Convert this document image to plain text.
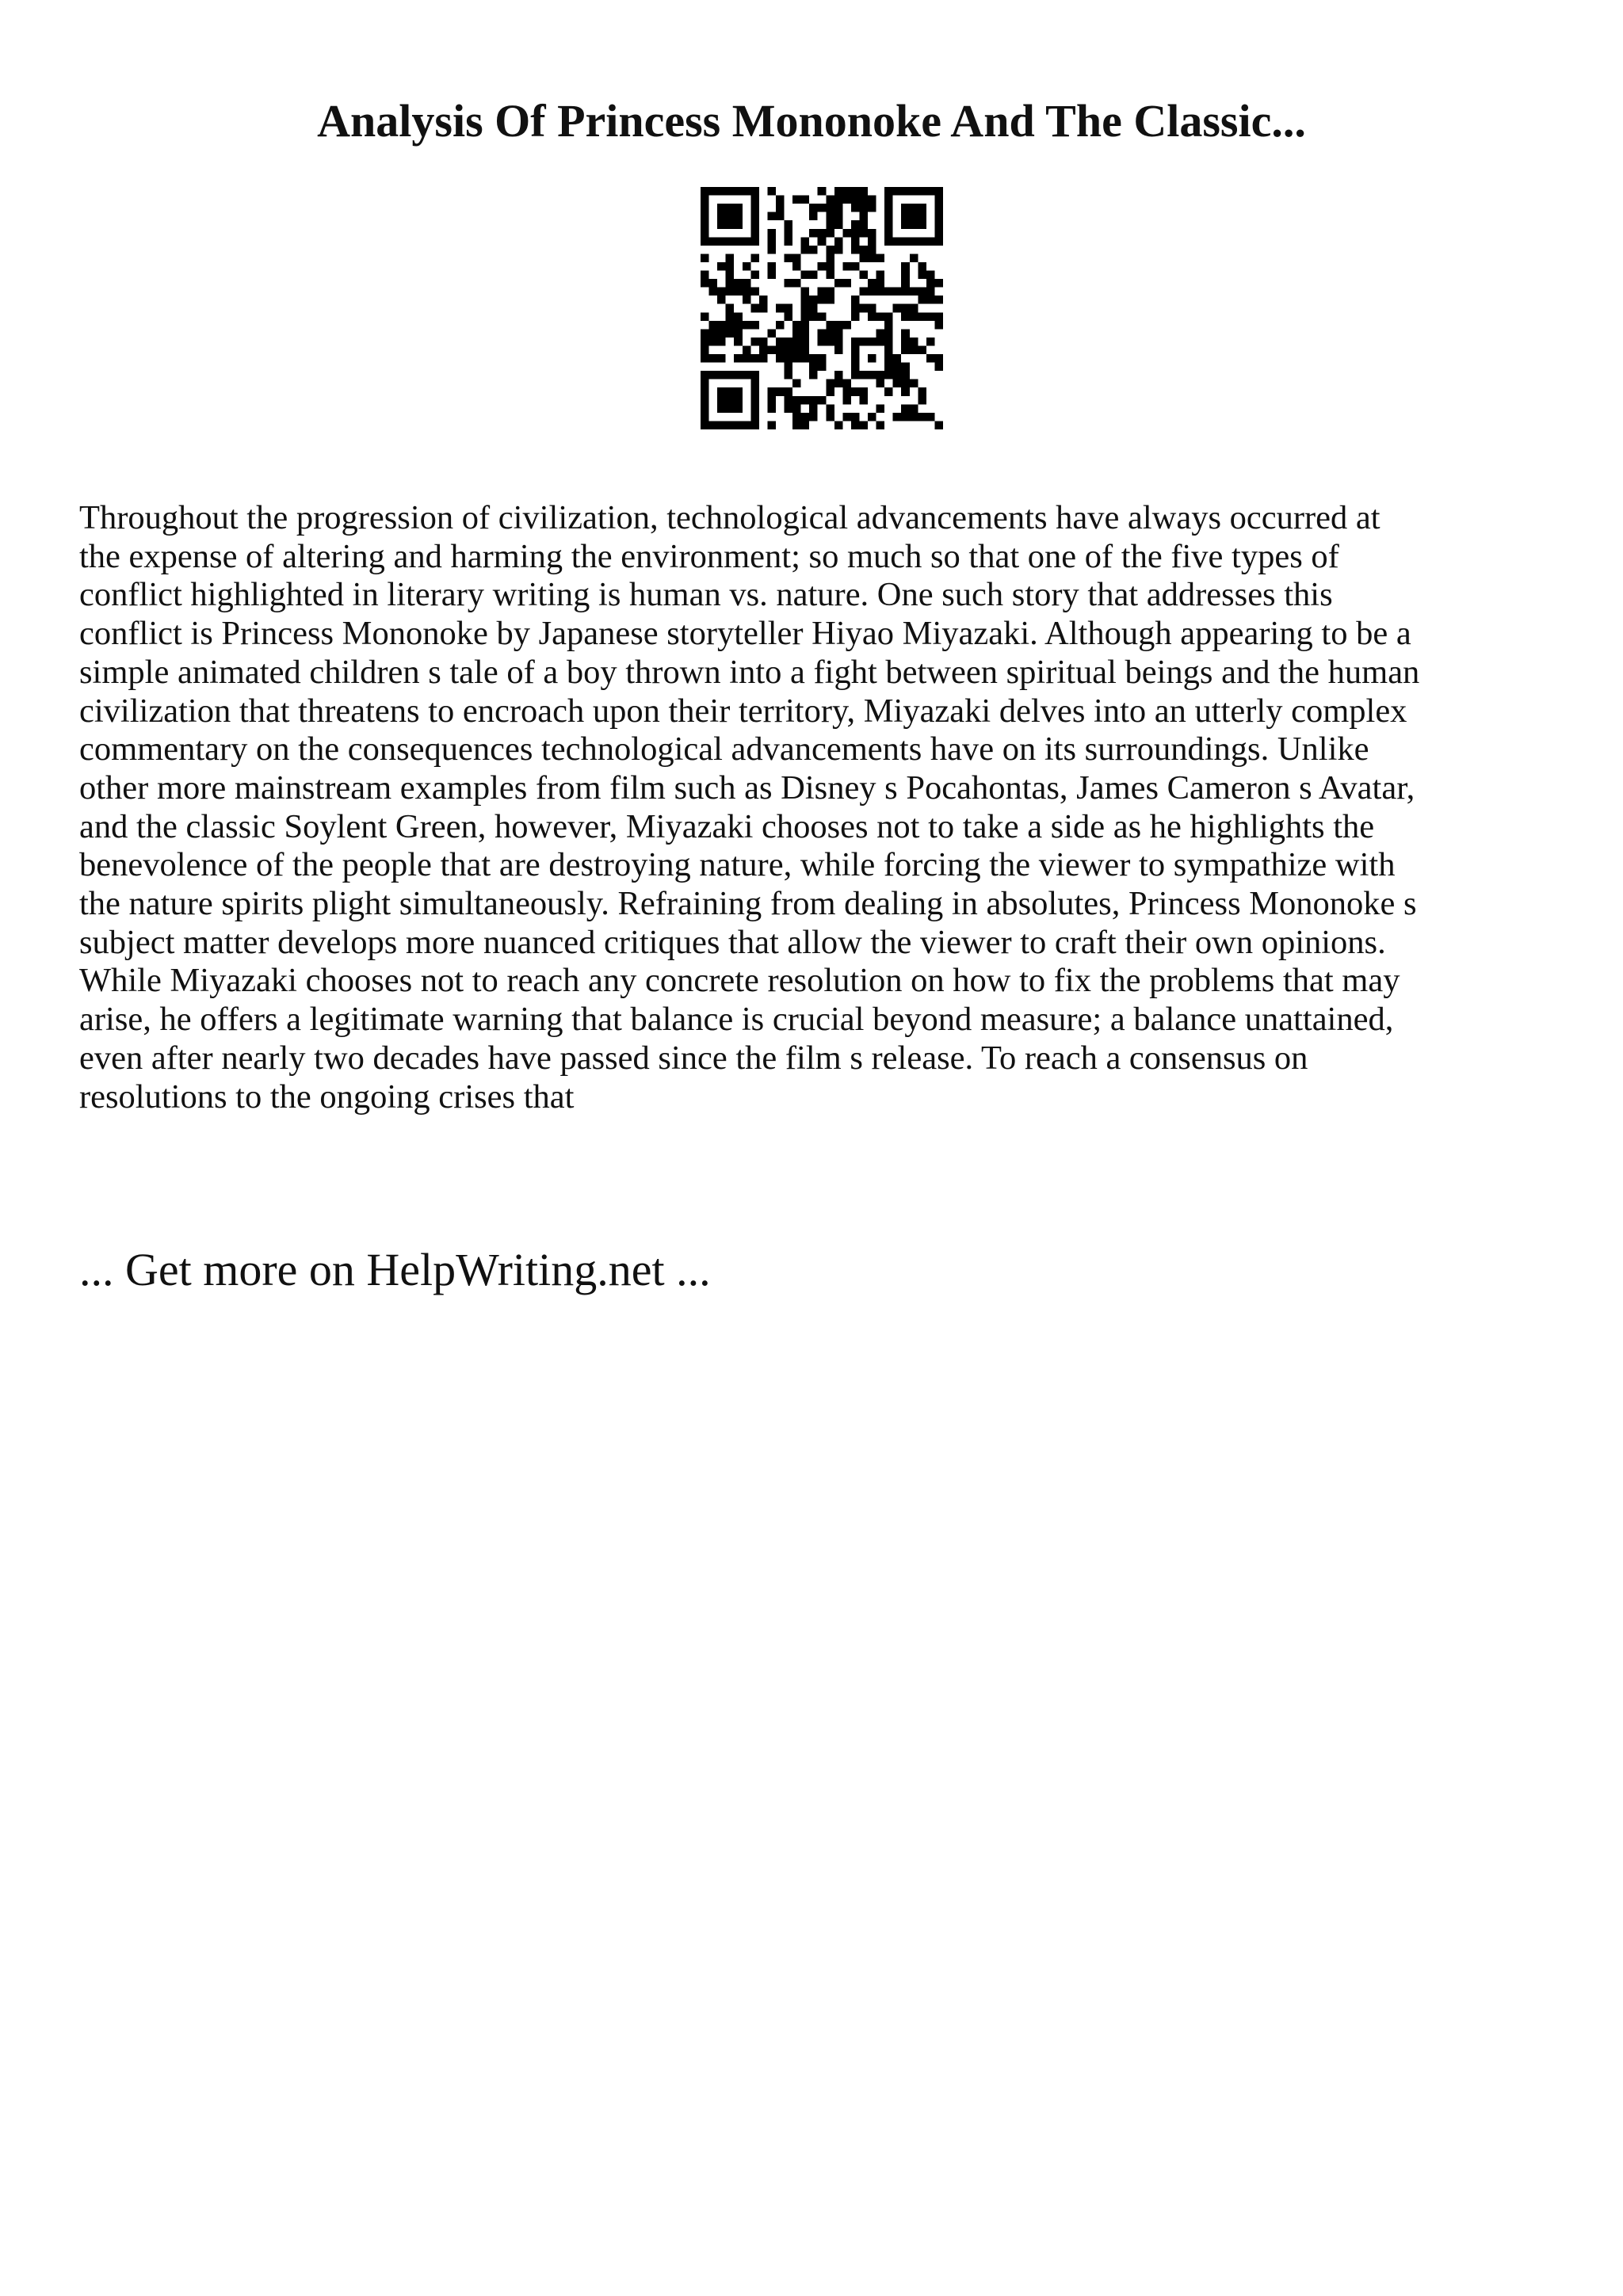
Analysis Of Princess Mononoke And The Classic...

Throughout the progression of civilization, technological advancements have always occurred at
the expense of altering and harming the environment; so much so that one of the five types of
conflict highlighted in literary writing is human vs. nature. One such story that addresses this
conflict is Princess Mononoke by Japanese storyteller Hiyao Miyazaki. Although appearing to be a
simple animated children s tale of a boy thrown into a fight between spiritual beings and the human
civilization that threatens to encroach upon their territory, Miyazaki delves into an utterly complex
commentary on the consequences technological advancements have on its surroundings. Unlike
other more mainstream examples from film such as Disney s Pocahontas, James Cameron s Avatar,
and the classic Soylent Green, however, Miyazaki chooses not to take a side as he highlights the
benevolence of the people that are destroying nature, while forcing the viewer to sympathize with
the nature spirits plight simultaneously. Refraining from dealing in absolutes, Princess Mononoke s
subject matter develops more nuanced critiques that allow the viewer to craft their own opinions.
While Miyazaki chooses not to reach any concrete resolution on how to fix the problems that may
arise, he offers a legitimate warning that balance is crucial beyond measure; a balance unattained,
even after nearly two decades have passed since the film s release. To reach a consensus on
resolutions to the ongoing crises that

... Get more on HelpWriting.net ...
